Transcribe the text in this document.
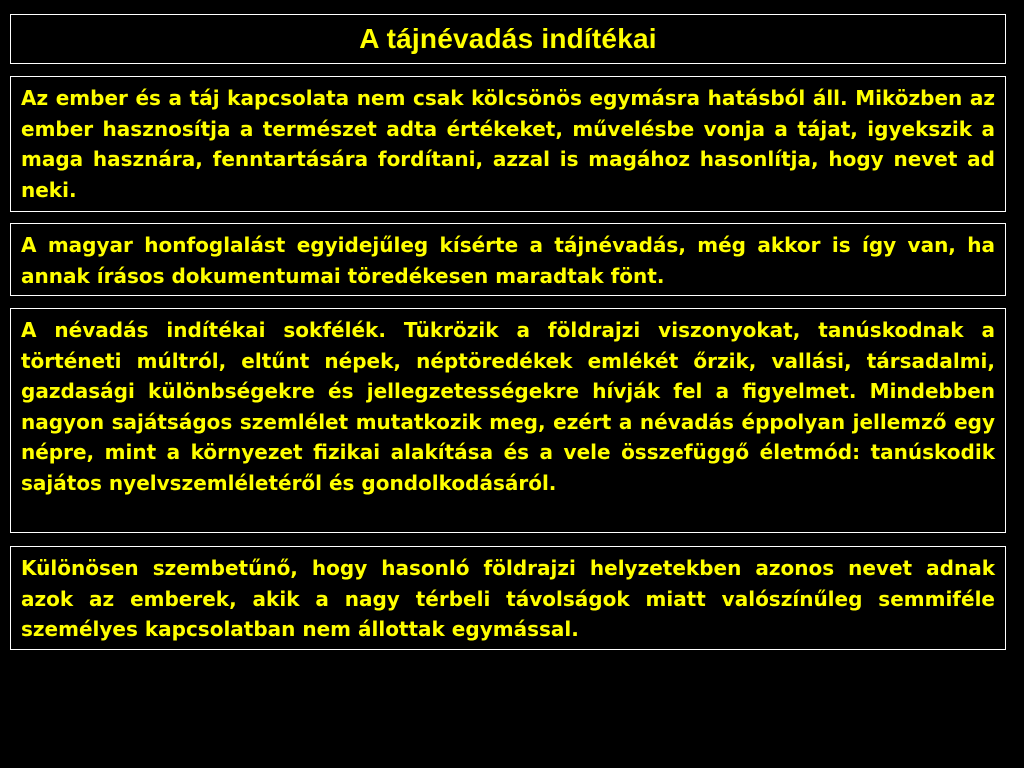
A tájnévadás indítékai
Az ember és a táj kapcsolata nem csak kölcsönös egymásra hatásból áll. Miközben az ember hasznosítja a természet adta értékeket, művelésbe vonja a tájat, igyekszik a maga hasznára, fenntartására fordítani, azzal is magához hasonlítja, hogy nevet ad neki.
A magyar honfoglalást egyidejűleg kísérte a tájnévadás, még akkor is így van, ha annak írásos dokumentumai töredékesen maradtak fönt.
A névadás indítékai sokfélék. Tükrözik a földrajzi viszonyokat, tanúskodnak a történeti múltról, eltűnt népek, néptöredékek emlékét őrzik, vallási, társadalmi, gazdasági különbségekre és jellegzetességekre hívják fel a figyelmet. Mindebben nagyon sajátságos szemlélet mutatkozik meg, ezért a névadás éppolyan jellemző egy népre, mint a környezet fizikai alakítása és a vele összefüggő életmód: tanúskodik sajátos nyelvszemléletéről és gondolkodásáról.
Különösen szembetűnő, hogy hasonló földrajzi helyzetekben azonos nevet adnak azok az emberek, akik a nagy térbeli távolságok miatt valószínűleg semmiféle személyes kapcsolatban nem állottak egymással.
